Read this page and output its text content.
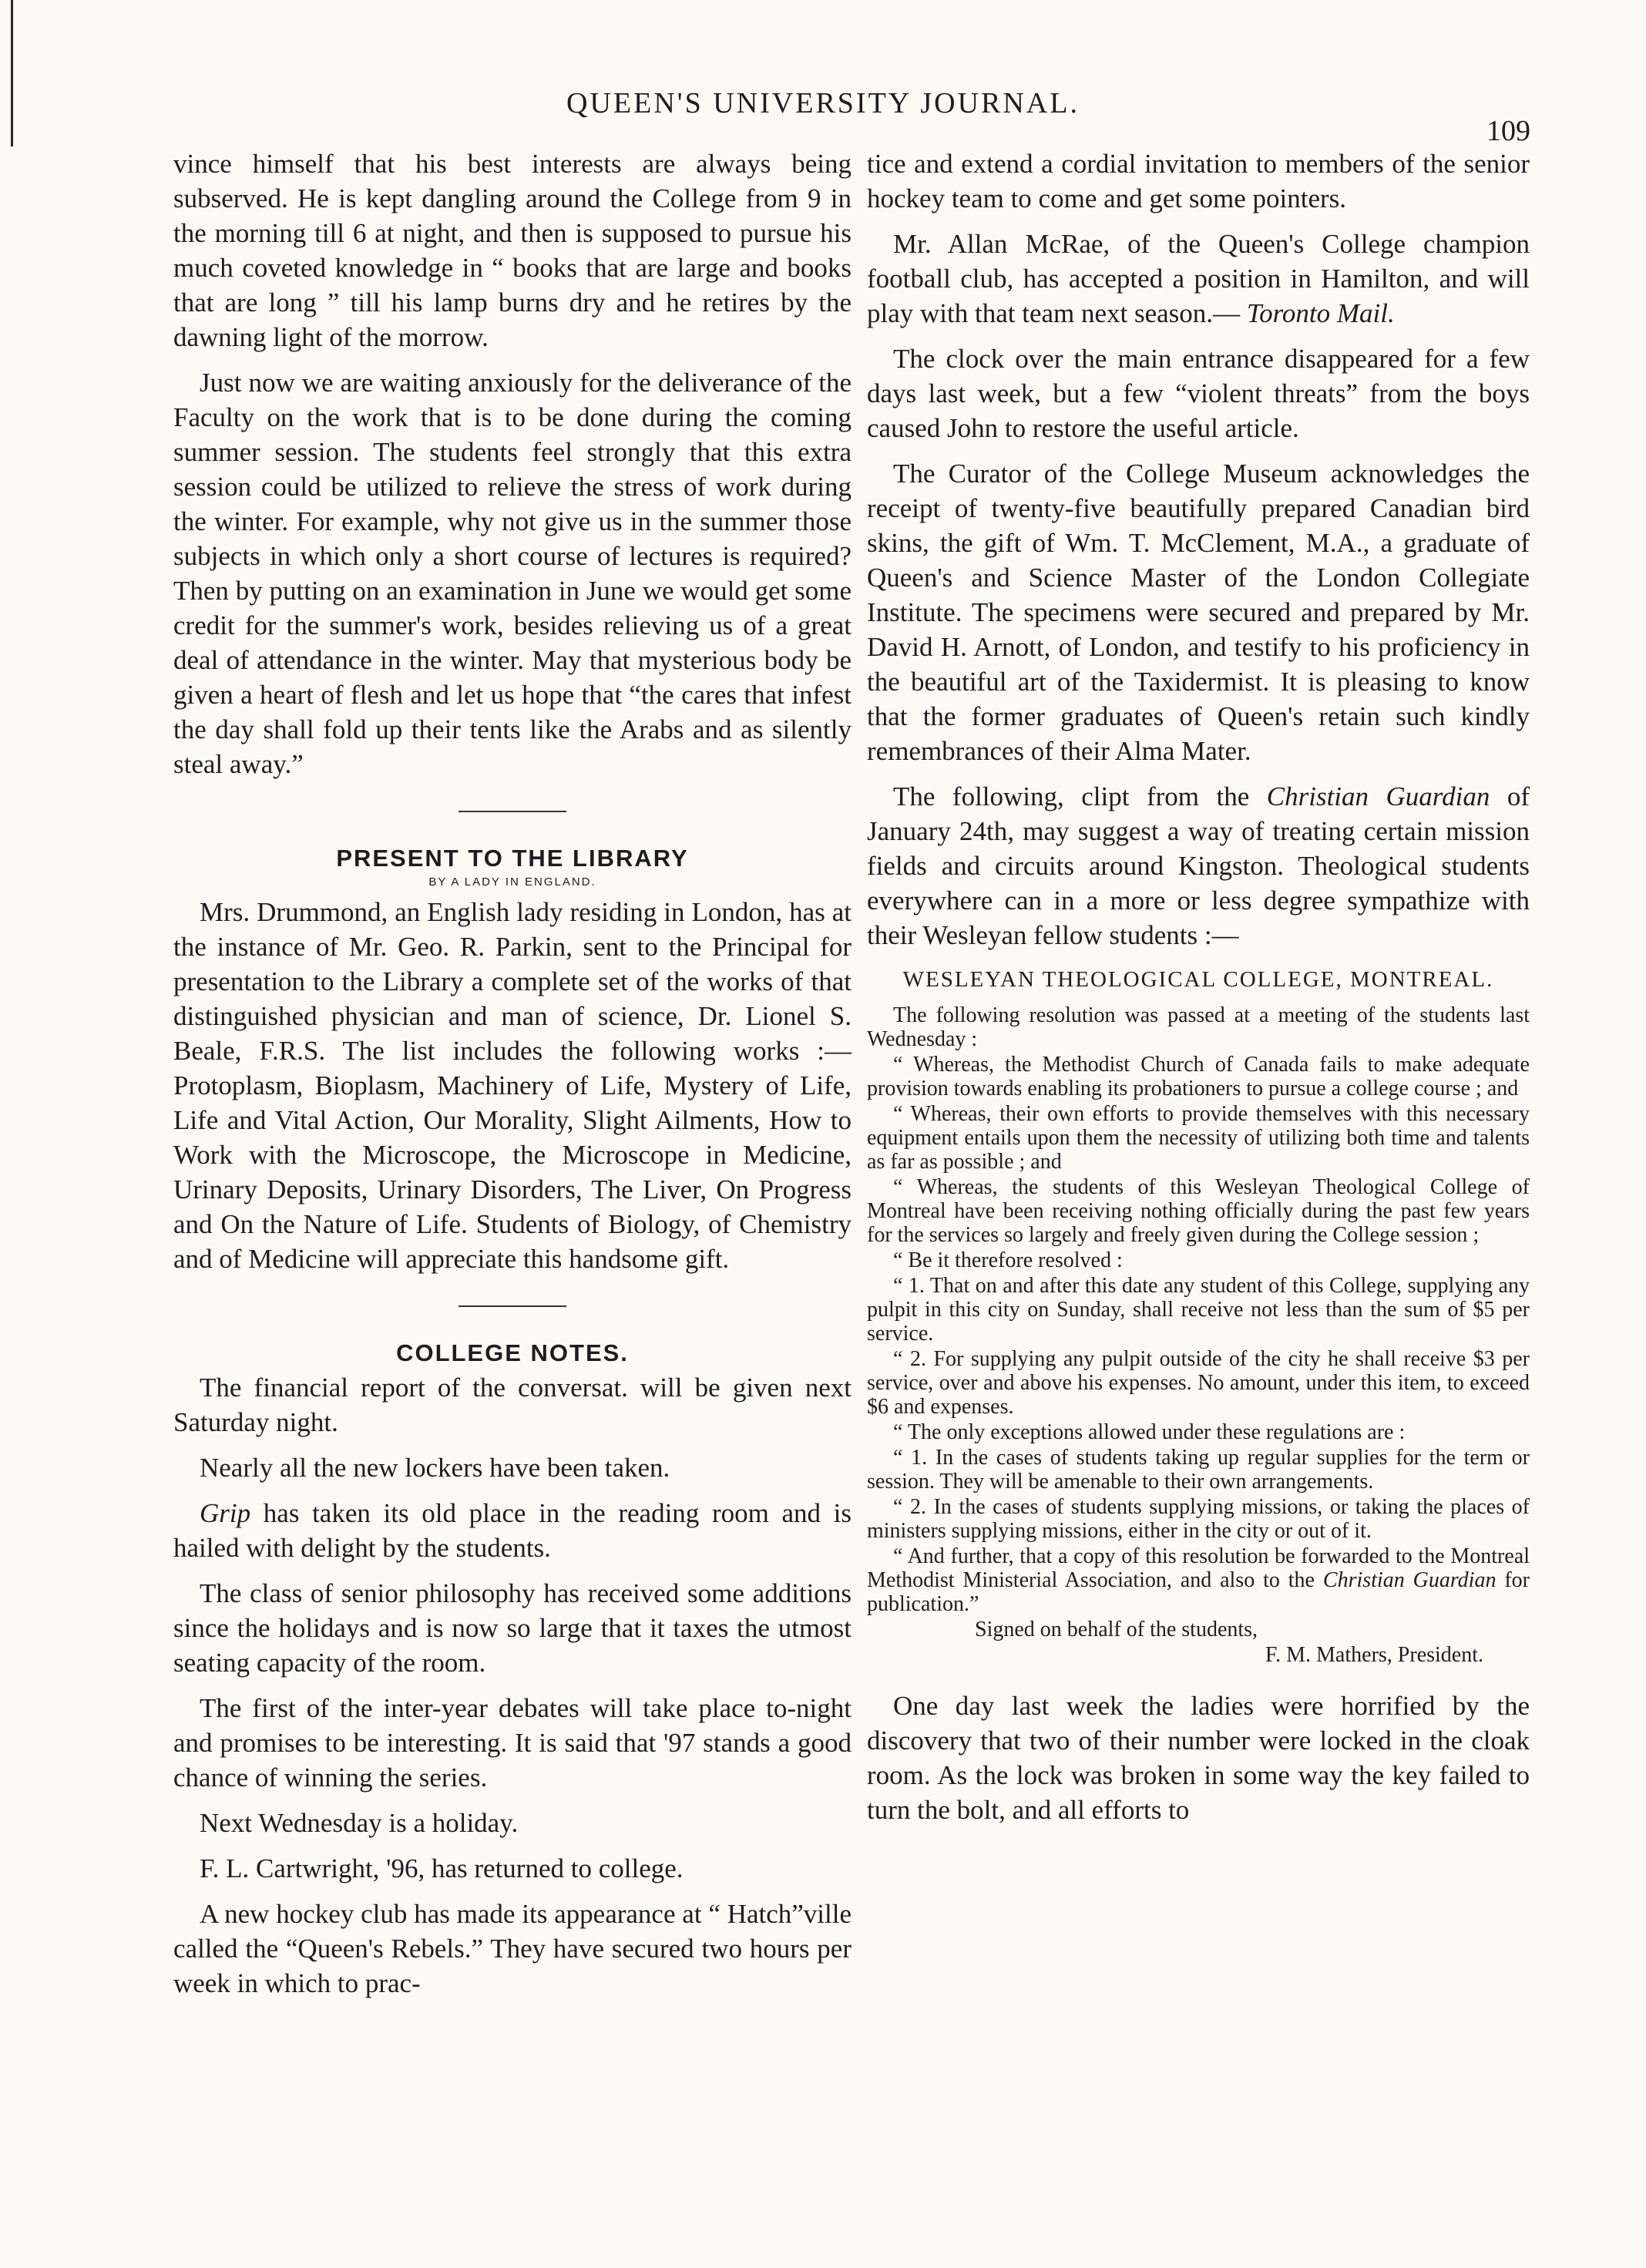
QUEEN'S UNIVERSITY JOURNAL.
109

vince himself that his best interests are always being subserved. He is kept dangling around the College from 9 in the morning till 6 at night, and then is supposed to pursue his much coveted knowledge in “ books that are large and books that are long ” till his lamp burns dry and he retires by the dawning light of the morrow.

Just now we are waiting anxiously for the deliverance of the Faculty on the work that is to be done during the coming summer session. The students feel strongly that this extra session could be utilized to relieve the stress of work during the winter. For example, why not give us in the summer those subjects in which only a short course of lectures is required? Then by putting on an examination in June we would get some credit for the summer's work, besides relieving us of a great deal of attendance in the winter. May that mysterious body be given a heart of flesh and let us hope that “the cares that infest the day shall fold up their tents like the Arabs and as silently steal away.”

PRESENT TO THE LIBRARY
BY A LADY IN ENGLAND.

Mrs. Drummond, an English lady residing in London, has at the instance of Mr. Geo. R. Parkin, sent to the Principal for presentation to the Library a complete set of the works of that distinguished physician and man of science, Dr. Lionel S. Beale, F.R.S. The list includes the following works :—Protoplasm, Bioplasm, Machinery of Life, Mystery of Life, Life and Vital Action, Our Morality, Slight Ailments, How to Work with the Microscope, the Microscope in Medicine, Urinary Deposits, Urinary Disorders, The Liver, On Progress and On the Nature of Life. Students of Biology, of Chemistry and of Medicine will appreciate this handsome gift.

COLLEGE NOTES.

The financial report of the conversat. will be given next Saturday night.

Nearly all the new lockers have been taken.

Grip has taken its old place in the reading room and is hailed with delight by the students.

The class of senior philosophy has received some additions since the holidays and is now so large that it taxes the utmost seating capacity of the room.

The first of the inter-year debates will take place to-night and promises to be interesting. It is said that '97 stands a good chance of winning the series.

Next Wednesday is a holiday.

F. L. Cartwright, '96, has returned to college.

A new hockey club has made its appearance at “ Hatch”ville called the “Queen's Rebels.” They have secured two hours per week in which to prac-

tice and extend a cordial invitation to members of the senior hockey team to come and get some pointers.

Mr. Allan McRae, of the Queen's College champion football club, has accepted a position in Hamilton, and will play with that team next season.— Toronto Mail.

The clock over the main entrance disappeared for a few days last week, but a few “violent threats” from the boys caused John to restore the useful article.

The Curator of the College Museum acknowledges the receipt of twenty-five beautifully prepared Canadian bird skins, the gift of Wm. T. McClement, M.A., a graduate of Queen's and Science Master of the London Collegiate Institute. The specimens were secured and prepared by Mr. David H. Arnott, of London, and testify to his proficiency in the beautiful art of the Taxidermist. It is pleasing to know that the former graduates of Queen's retain such kindly remembrances of their Alma Mater.

The following, clipt from the Christian Guardian of January 24th, may suggest a way of treating certain mission fields and circuits around Kingston. Theological students everywhere can in a more or less degree sympathize with their Wesleyan fellow students :—

WESLEYAN THEOLOGICAL COLLEGE, MONTREAL.

The following resolution was passed at a meeting of the students last Wednesday :

“ Whereas, the Methodist Church of Canada fails to make adequate provision towards enabling its probationers to pursue a college course ; and

“ Whereas, their own efforts to provide themselves with this necessary equipment entails upon them the necessity of utilizing both time and talents as far as possible ; and

“ Whereas, the students of this Wesleyan Theological College of Montreal have been receiving nothing officially during the past few years for the services so largely and freely given during the College session ;

“ Be it therefore resolved :

“ 1. That on and after this date any student of this College, supplying any pulpit in this city on Sunday, shall receive not less than the sum of $5 per service.

“ 2. For supplying any pulpit outside of the city he shall receive $3 per service, over and above his expenses. No amount, under this item, to exceed $6 and expenses.

“ The only exceptions allowed under these regulations are :

“ 1. In the cases of students taking up regular supplies for the term or session. They will be amenable to their own arrangements.

“ 2. In the cases of students supplying missions, or taking the places of ministers supplying missions, either in the city or out of it.

“ And further, that a copy of this resolution be forwarded to the Montreal Methodist Ministerial Association, and also to the Christian Guardian for publication.”

Signed on behalf of the students,

F. M. Mathers, President.

One day last week the ladies were horrified by the discovery that two of their number were locked in the cloak room. As the lock was broken in some way the key failed to turn the bolt, and all efforts to
